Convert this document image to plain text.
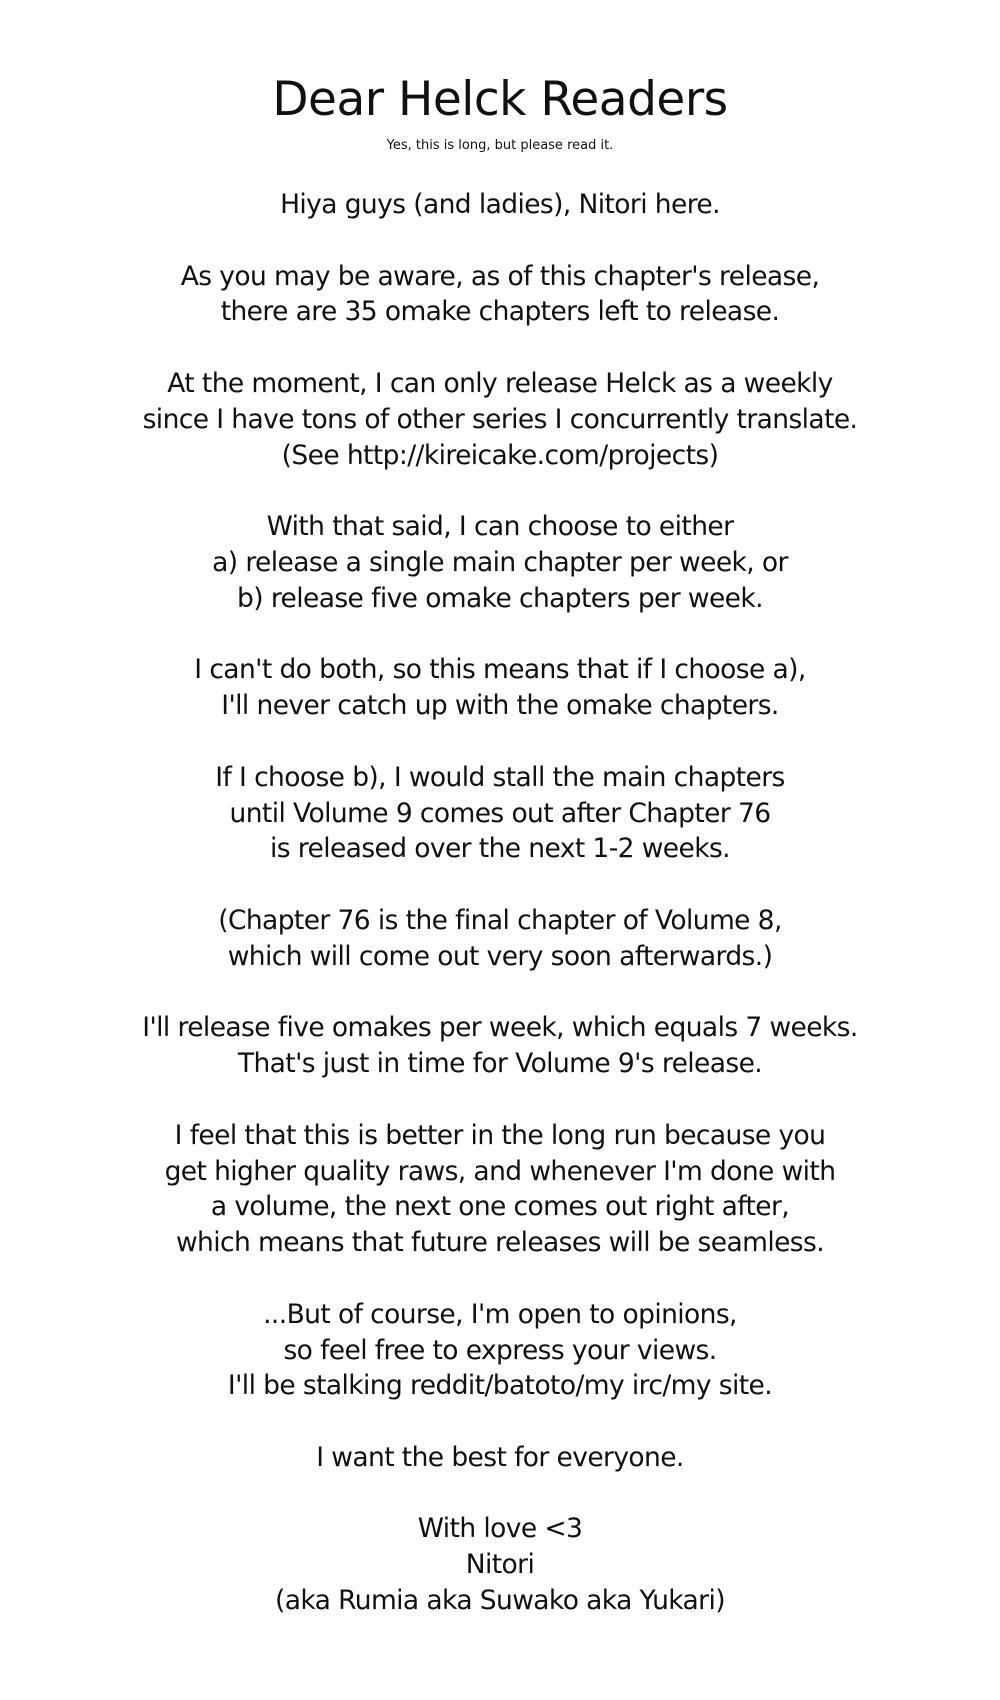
Dear Helck Readers
Yes, this is long, but please read it.

Hiya guys (and ladies), Nitori here.

As you may be aware, as of this chapter's release,
there are 35 omake chapters left to release.

At the moment, I can only release Helck as a weekly
since I have tons of other series I concurrently translate.
(See http://kireicake.com/projects)

With that said, I can choose to either
a) release a single main chapter per week, or
b) release five omake chapters per week.

I can't do both, so this means that if I choose a),
I'll never catch up with the omake chapters.

If I choose b), I would stall the main chapters
until Volume 9 comes out after Chapter 76
is released over the next 1-2 weeks.

(Chapter 76 is the final chapter of Volume 8,
which will come out very soon afterwards.)

I'll release five omakes per week, which equals 7 weeks.
That's just in time for Volume 9's release.

I feel that this is better in the long run because you
get higher quality raws, and whenever I'm done with
a volume, the next one comes out right after,
which means that future releases will be seamless.

...But of course, I'm open to opinions,
so feel free to express your views.
I'll be stalking reddit/batoto/my irc/my site.

I want the best for everyone.

With love <3
Nitori
(aka Rumia aka Suwako aka Yukari)
